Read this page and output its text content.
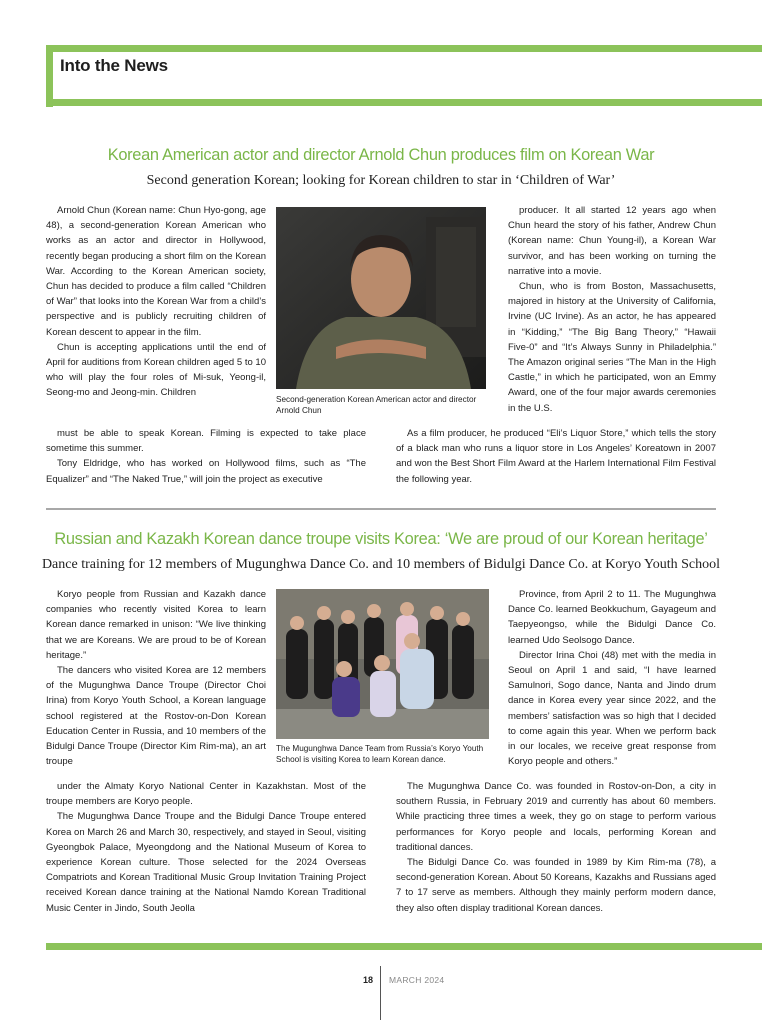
Into the News
Korean American actor and director Arnold Chun produces film on Korean War
Second generation Korean; looking for Korean children to star in ‘Children of War’

Arnold Chun (Korean name: Chun Hyo-gong, age 48), a second-generation Korean American who works as an actor and director in Hollywood, recently began producing a short film on the Korean War. According to the Korean American society, Chun has decided to produce a film called “Children of War” that looks into the Korean War from a child’s perspective and is publicly recruiting children of Korean descent to appear in the film.

Chun is accepting applications until the end of April for auditions from Korean children aged 5 to 10 who will play the four roles of Mi-suk, Yeong-il, Seong-mo and Jeong-min. Children

Second-generation Korean American actor and director Arnold Chun

producer. It all started 12 years ago when Chun heard the story of his father, Andrew Chun (Korean name: Chun Young-il), a Korean War survivor, and has been working on turning the narrative into a movie.

Chun, who is from Boston, Massachusetts, majored in history at the University of California, Irvine (UC Irvine). As an actor, he has appeared in “Kidding,” “The Big Bang Theory,” “Hawaii Five-0” and “It’s Always Sunny in Philadelphia.” The Amazon original series “The Man in the High Castle,” in which he participated, won an Emmy Award, one of the four major awards ceremonies in the U.S.

must be able to speak Korean. Filming is expected to take place sometime this summer.

Tony Eldridge, who has worked on Hollywood films, such as “The Equalizer” and “The Naked True,” will join the project as executive

As a film producer, he produced “Eli’s Liquor Store,” which tells the story of a black man who runs a liquor store in Los Angeles’ Koreatown in 2007 and won the Best Short Film Award at the Harlem International Film Festival the following year.

Russian and Kazakh Korean dance troupe visits Korea: ‘We are proud of our Korean heritage’
Dance training for 12 members of Mugunghwa Dance Co. and 10 members of Bidulgi Dance Co. at Koryo Youth School

Koryo people from Russian and Kazakh dance companies who recently visited Korea to learn Korean dance remarked in unison: “We live thinking that we are Koreans. We are proud to be of Korean heritage.”

The dancers who visited Korea are 12 members of the Mugunghwa Dance Troupe (Director Choi Irina) from Koryo Youth School, a Korean language school registered at the Rostov-on-Don Korean Education Center in Russia, and 10 members of the Bidulgi Dance Troupe (Director Kim Rim-ma), an art troupe

The Mugunghwa Dance Team from Russia’s Koryo Youth School is visiting Korea to learn Korean dance.

Province, from April 2 to 11. The Mugunghwa Dance Co. learned Beokkuchum, Gayageum and Taepyeongso, while the Bidulgi Dance Co. learned Udo Seolsogo Dance.

Director Irina Choi (48) met with the media in Seoul on April 1 and said, “I have learned Samulnori, Sogo dance, Nanta and Jindo drum dance in Korea every year since 2022, and the members’ satisfaction was so high that I decided to come again this year. When we perform back in our locales, we receive great response from Koryo people and others.”

under the Almaty Koryo National Center in Kazakhstan. Most of the troupe members are Koryo people.

The Mugunghwa Dance Troupe and the Bidulgi Dance Troupe entered Korea on March 26 and March 30, respectively, and stayed in Seoul, visiting Gyeongbok Palace, Myeongdong and the National Museum of Korea to experience Korean culture. Those selected for the 2024 Overseas Compatriots and Korean Traditional Music Group Invitation Training Project received Korean dance training at the National Namdo Korean Traditional Music Center in Jindo, South Jeolla

The Mugunghwa Dance Co. was founded in Rostov-on-Don, a city in southern Russia, in February 2019 and currently has about 60 members. While practicing three times a week, they go on stage to perform various performances for Koryo people and locals, performing Korean and traditional dances.

The Bidulgi Dance Co. was founded in 1989 by Kim Rim-ma (78), a second-generation Korean. About 50 Koreans, Kazakhs and Russians aged 7 to 17 serve as members. Although they mainly perform modern dance, they also often display traditional Korean dances.

18 MARCH 2024
